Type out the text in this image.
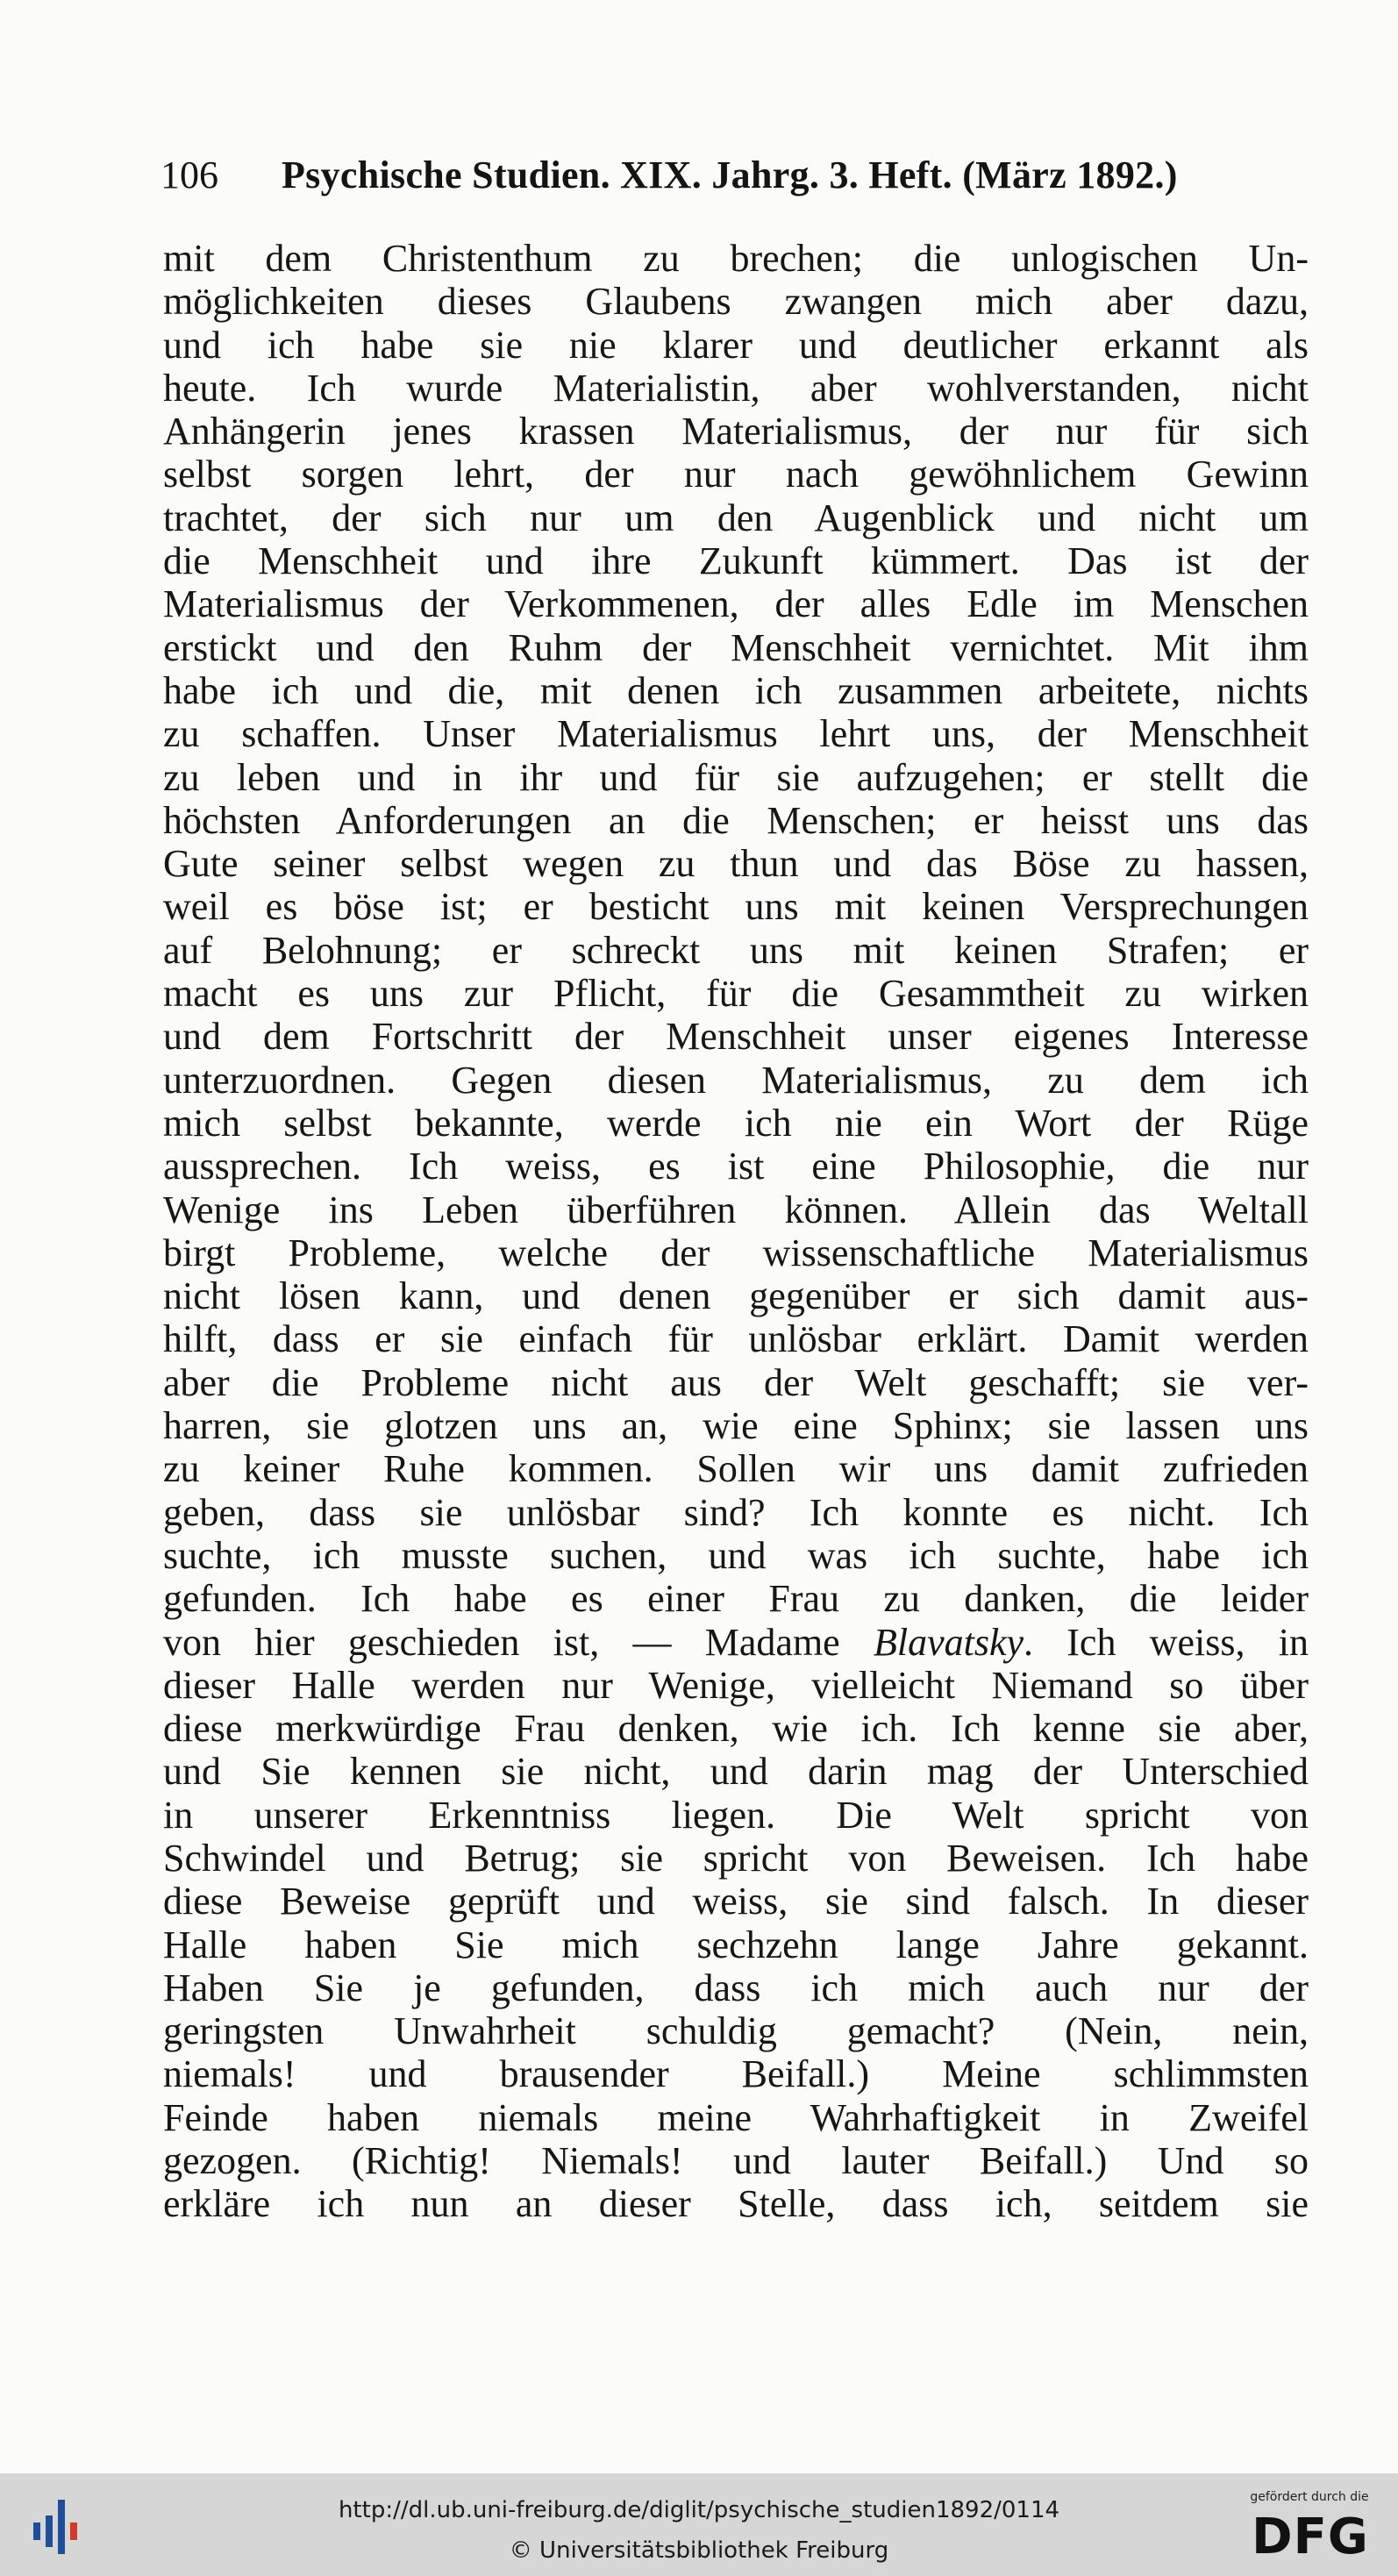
106	Psychische Studien. XIX. Jahrg. 3. Heft. (März 1892.)
mit dem Christenthum zu brechen; die unlogischen Un-
möglichkeiten dieses Glaubens zwangen mich aber dazu,
und ich habe sie nie klarer und deutlicher erkannt als
heute. Ich wurde Materialistin, aber wohlverstanden, nicht
Anhängerin jenes krassen Materialismus, der nur für sich
selbst sorgen lehrt, der nur nach gewöhnlichem Gewinn
trachtet, der sich nur um den Augenblick und nicht um
die Menschheit und ihre Zukunft kümmert. Das ist der
Materialismus der Verkommenen, der alles Edle im Menschen
erstickt und den Ruhm der Menschheit vernichtet. Mit ihm
habe ich und die, mit denen ich zusammen arbeitete, nichts
zu schaffen. Unser Materialismus lehrt uns, der Menschheit
zu leben und in ihr und für sie aufzugehen; er stellt die
höchsten Anforderungen an die Menschen; er heisst uns das
Gute seiner selbst wegen zu thun und das Böse zu hassen,
weil es böse ist; er besticht uns mit keinen Versprechungen
auf Belohnung; er schreckt uns mit keinen Strafen; er
macht es uns zur Pflicht, für die Gesammtheit zu wirken
und dem Fortschritt der Menschheit unser eigenes Interesse
unterzuordnen. Gegen diesen Materialismus, zu dem ich
mich selbst bekannte, werde ich nie ein Wort der Rüge
aussprechen. Ich weiss, es ist eine Philosophie, die nur
Wenige ins Leben überführen können. Allein das Weltall
birgt Probleme, welche der wissenschaftliche Materialismus
nicht lösen kann, und denen gegenüber er sich damit aus-
hilft, dass er sie einfach für unlösbar erklärt. Damit werden
aber die Probleme nicht aus der Welt geschafft; sie ver-
harren, sie glotzen uns an, wie eine Sphinx; sie lassen uns
zu keiner Ruhe kommen. Sollen wir uns damit zufrieden
geben, dass sie unlösbar sind? Ich konnte es nicht. Ich
suchte, ich musste suchen, und was ich suchte, habe ich
gefunden. Ich habe es einer Frau zu danken, die leider
von hier geschieden ist, — Madame Blavatsky. Ich weiss, in
dieser Halle werden nur Wenige, vielleicht Niemand so über
diese merkwürdige Frau denken, wie ich. Ich kenne sie aber,
und Sie kennen sie nicht, und darin mag der Unterschied
in unserer Erkenntniss liegen. Die Welt spricht von
Schwindel und Betrug; sie spricht von Beweisen. Ich habe
diese Beweise geprüft und weiss, sie sind falsch. In dieser
Halle haben Sie mich sechzehn lange Jahre gekannt.
Haben Sie je gefunden, dass ich mich auch nur der
geringsten Unwahrheit schuldig gemacht? (Nein, nein,
niemals! und brausender Beifall.) Meine schlimmsten
Feinde haben niemals meine Wahrhaftigkeit in Zweifel
gezogen. (Richtig! Niemals! und lauter Beifall.) Und so
erkläre ich nun an dieser Stelle, dass ich, seitdem sie
http://dl.ub.uni-freiburg.de/diglit/psychische_studien1892/0114
© Universitätsbibliothek Freiburg
gefördert durch die
DFG
